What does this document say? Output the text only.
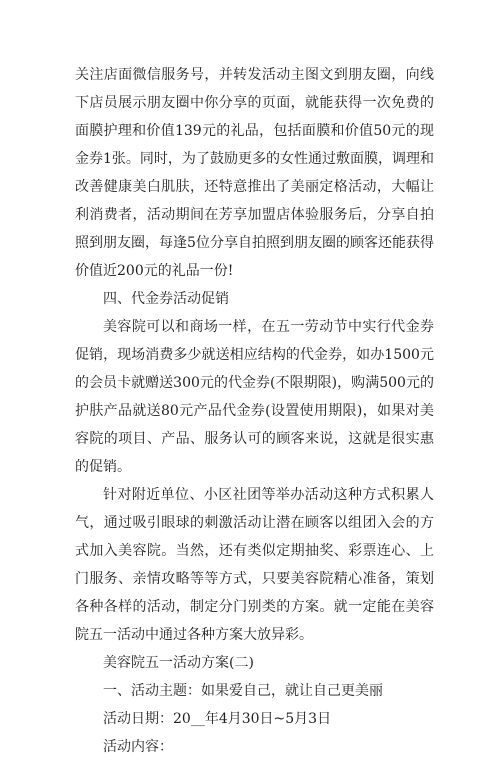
关注店面微信服务号，并转发活动主图文到朋友圈，向线下店员展示朋友圈中你分享的页面，就能获得一次免费的面膜护理和价值139元的礼品，包括面膜和价值50元的现金券1张。同时，为了鼓励更多的女性通过敷面膜，调理和改善健康美白肌肤，还特意推出了美丽定格活动，大幅让利消费者，活动期间在芳享加盟店体验服务后，分享自拍照到朋友圈，每逢5位分享自拍照到朋友圈的顾客还能获得价值近200元的礼品一份!

四、代金券活动促销

美容院可以和商场一样，在五一劳动节中实行代金券促销，现场消费多少就送相应结构的代金券，如办1500元的会员卡就赠送300元的代金券(不限期限)，购满500元的护肤产品就送80元产品代金券(设置使用期限)，如果对美容院的项目、产品、服务认可的顾客来说，这就是很实惠的促销。

针对附近单位、小区社团等举办活动这种方式积累人气，通过吸引眼球的刺激活动让潜在顾客以组团入会的方式加入美容院。当然，还有类似定期抽奖、彩票连心、上门服务、亲情攻略等等方式，只要美容院精心准备，策划各种各样的活动，制定分门别类的方案。就一定能在美容院五一活动中通过各种方案大放异彩。

美容院五一活动方案(二)

一、活动主题：如果爱自己，就让自己更美丽

活动日期：20__年4月30日~5月3日

活动内容：
